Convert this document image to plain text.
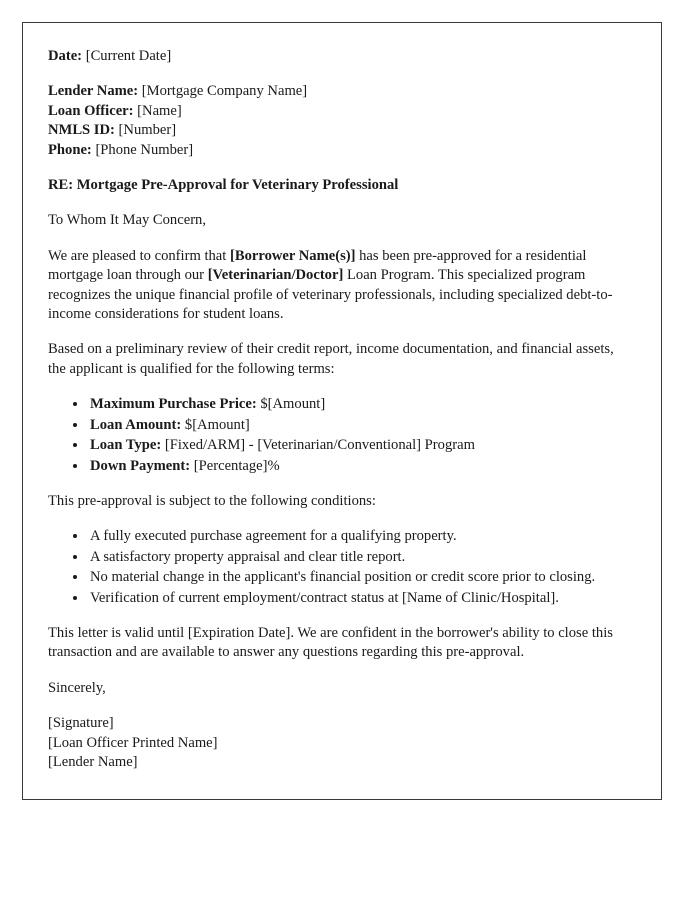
Date: [Current Date]
Lender Name: [Mortgage Company Name]
Loan Officer: [Name]
NMLS ID: [Number]
Phone: [Phone Number]
RE: Mortgage Pre-Approval for Veterinary Professional
To Whom It May Concern,

We are pleased to confirm that [Borrower Name(s)] has been pre-approved for a residential mortgage loan through our [Veterinarian/Doctor] Loan Program. This specialized program recognizes the unique financial profile of veterinary professionals, including specialized debt-to-income considerations for student loans.

Based on a preliminary review of their credit report, income documentation, and financial assets, the applicant is qualified for the following terms:

• Maximum Purchase Price: $[Amount]
• Loan Amount: $[Amount]
• Loan Type: [Fixed/ARM] - [Veterinarian/Conventional] Program
• Down Payment: [Percentage]%

This pre-approval is subject to the following conditions:

• A fully executed purchase agreement for a qualifying property.
• A satisfactory property appraisal and clear title report.
• No material change in the applicant's financial position or credit score prior to closing.
• Verification of current employment/contract status at [Name of Clinic/Hospital].

This letter is valid until [Expiration Date]. We are confident in the borrower's ability to close this transaction and are available to answer any questions regarding this pre-approval.

Sincerely,
[Signature]
[Loan Officer Printed Name]
[Lender Name]
